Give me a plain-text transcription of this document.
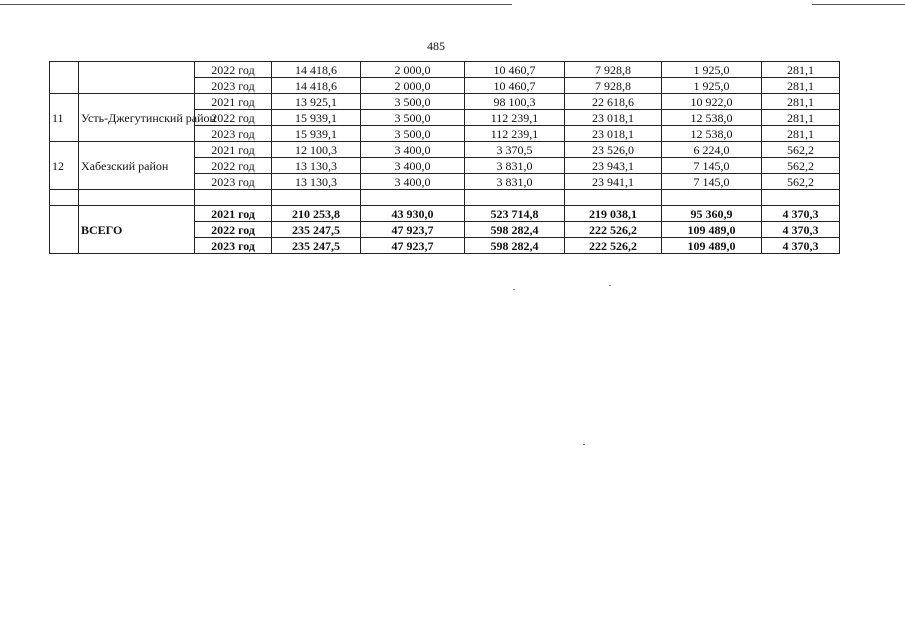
485
		2022 год	14 418,6	2 000,0	10 460,7	7 928,8	1 925,0	281,1
		2023 год	14 418,6	2 000,0	10 460,7	7 928,8	1 925,0	281,1
11	Усть-Джегутинский район	2021 год	13 925,1	3 500,0	98 100,3	22 618,6	10 922,0	281,1
		2022 год	15 939,1	3 500,0	112 239,1	23 018,1	12 538,0	281,1
		2023 год	15 939,1	3 500,0	112 239,1	23 018,1	12 538,0	281,1
12	Хабезский район	2021 год	12 100,3	3 400,0	3 370,5	23 526,0	6 224,0	562,2
		2022 год	13 130,3	3 400,0	3 831,0	23 943,1	7 145,0	562,2
		2023 год	13 130,3	3 400,0	3 831,0	23 941,1	7 145,0	562,2

	ВСЕГО	2021 год	210 253,8	43 930,0	523 714,8	219 038,1	95 360,9	4 370,3
		2022 год	235 247,5	47 923,7	598 282,4	222 526,2	109 489,0	4 370,3
		2023 год	235 247,5	47 923,7	598 282,4	222 526,2	109 489,0	4 370,3
